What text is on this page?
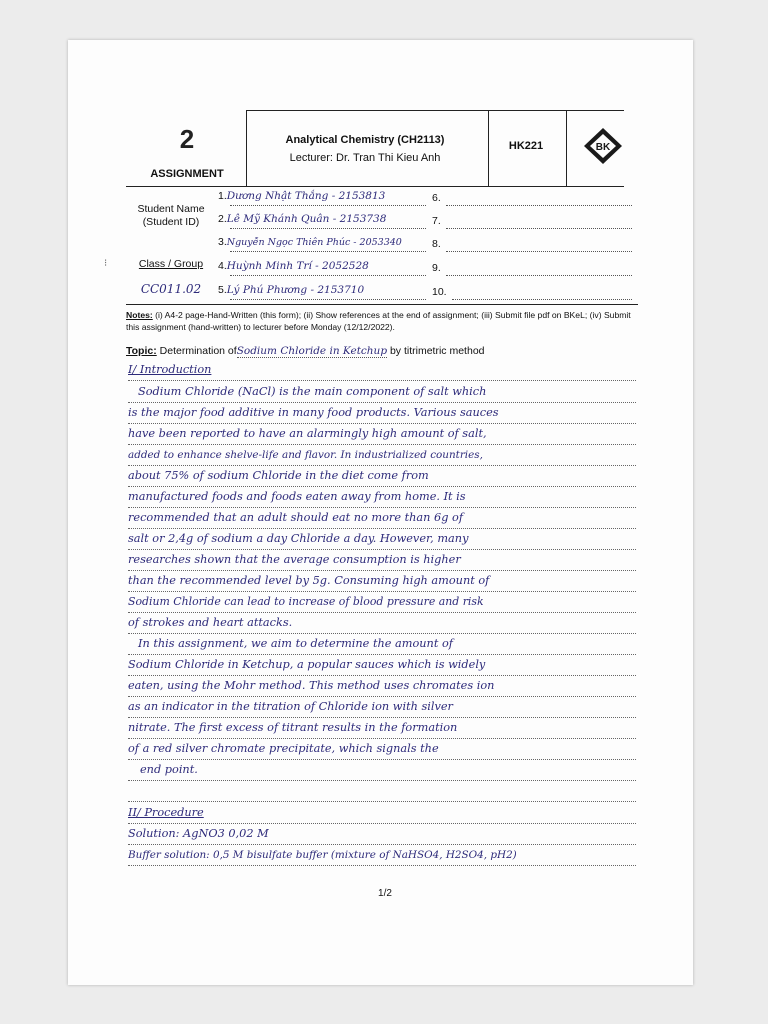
2
ASSIGNMENT
Analytical Chemistry (CH2113)
Lecturer: Dr. Tran Thi Kieu Anh
HK221	BK
Student Name
(Student ID)
Class / Group
CC011.02
1.Dương Nhật Thắng - 2153813
2.Lê Mỹ Khánh Quân - 2153738
3.Nguyễn Ngọc Thiên Phúc - 2053340
4.Huỳnh Minh Trí - 2052528
5.Lý Phú Phương - 2153710
6.
7.
8.
9.
10.
Notes: (i) A4-2 page-Hand-Written (this form); (ii) Show references at the end of assignment; (iii) Submit file pdf on BKeL; (iv) Submit this assignment (hand-written) to lecturer before Monday (12/12/2022).
Topic: Determination ofSodium Chloride in Ketchup by titrimetric method
I/ Introduction
Sodium Chloride (NaCl) is the main component of salt which
is the major food additive in many food products. Various sauces
have been reported to have an alarmingly high amount of salt,
added to enhance shelve-life and flavor. In industrialized countries,
about 75% of sodium Chloride in the diet come from
manufactured foods and foods eaten away from home. It is
recommended that an adult should eat no more than 6g of
salt or 2,4g of sodium a day Chloride a day. However, many
researches shown that the average consumption is higher
than the recommended level by 5g. Consuming high amount of
Sodium Chloride can lead to increase of blood pressure and risk
of strokes and heart attacks.
In this assignment, we aim to determine the amount of
Sodium Chloride in Ketchup, a popular sauces which is widely
eaten, using the Mohr method. This method uses chromates ion
as an indicator in the titration of Chloride ion with silver
nitrate. The first excess of titrant results in the formation
of a red silver chromate precipitate, which signals the
end point.
II/ Procedure
Solution: AgNO3 0,02 M
Buffer solution: 0,5 M bisulfate buffer (mixture of NaHSO4, H2SO4, pH2)
1/2
⁝
